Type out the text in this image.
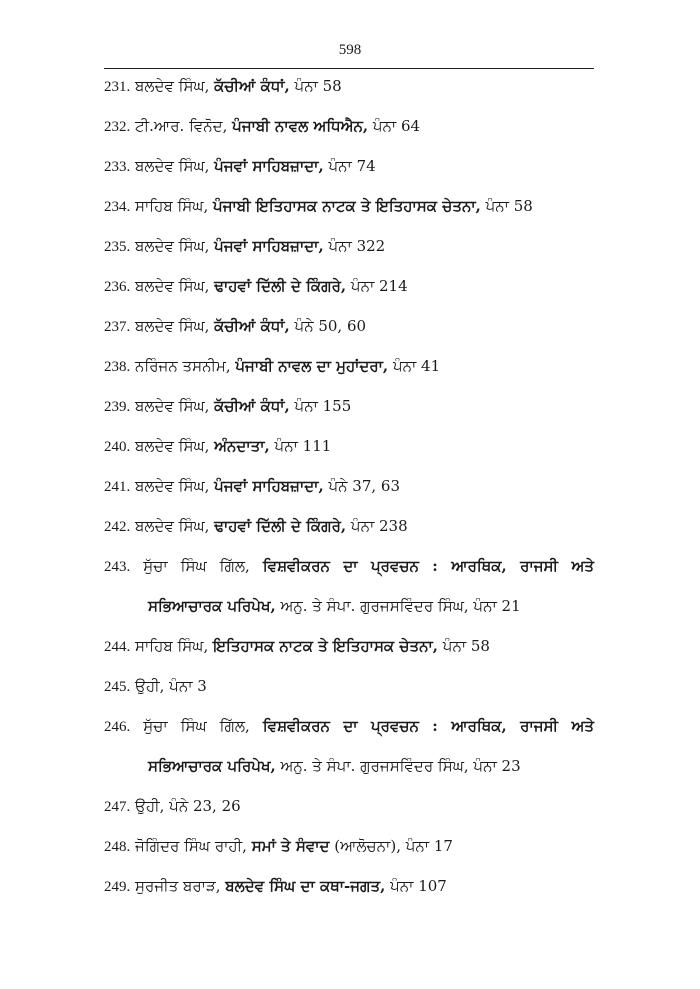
598
231. ਬਲਦੇਵ ਸਿੰਘ, ਕੱਚੀਆਂ ਕੰਧਾਂ, ਪੰਨਾ 58
232. ਟੀ.ਆਰ. ਵਿਨੋਦ, ਪੰਜਾਬੀ ਨਾਵਲ ਅਧਿਐਨ, ਪੰਨਾ 64
233. ਬਲਦੇਵ ਸਿੰਘ, ਪੰਜਵਾਂ ਸਾਹਿਬਜ਼ਾਦਾ, ਪੰਨਾ 74
234. ਸਾਹਿਬ ਸਿੰਘ, ਪੰਜਾਬੀ ਇਤਿਹਾਸਕ ਨਾਟਕ ਤੇ ਇਤਿਹਾਸਕ ਚੇਤਨਾ, ਪੰਨਾ 58
235. ਬਲਦੇਵ ਸਿੰਘ, ਪੰਜਵਾਂ ਸਾਹਿਬਜ਼ਾਦਾ, ਪੰਨਾ 322
236. ਬਲਦੇਵ ਸਿੰਘ, ਢਾਹਵਾਂ ਦਿੱਲੀ ਦੇ ਕਿੰਗਰੇ, ਪੰਨਾ 214
237. ਬਲਦੇਵ ਸਿੰਘ, ਕੱਚੀਆਂ ਕੰਧਾਂ, ਪੰਨੇ 50, 60
238. ਨਰਿੰਜਨ ਤਸਨੀਮ, ਪੰਜਾਬੀ ਨਾਵਲ ਦਾ ਮੁਹਾਂਦਰਾ, ਪੰਨਾ 41
239. ਬਲਦੇਵ ਸਿੰਘ, ਕੱਚੀਆਂ ਕੰਧਾਂ, ਪੰਨਾ 155
240. ਬਲਦੇਵ ਸਿੰਘ, ਅੰਨਦਾਤਾ, ਪੰਨਾ 111
241. ਬਲਦੇਵ ਸਿੰਘ, ਪੰਜਵਾਂ ਸਾਹਿਬਜ਼ਾਦਾ, ਪੰਨੇ 37, 63
242. ਬਲਦੇਵ ਸਿੰਘ, ਢਾਹਵਾਂ ਦਿੱਲੀ ਦੇ ਕਿੰਗਰੇ, ਪੰਨਾ 238
243. ਸੁੱਚਾ ਸਿੰਘ ਗਿੱਲ, ਵਿਸ਼ਵੀਕਰਨ ਦਾ ਪ੍ਰਵਚਨ : ਆਰਥਿਕ, ਰਾਜਸੀ ਅਤੇ
ਸਭਿਆਚਾਰਕ ਪਰਿਪੇਖ, ਅਨੁ. ਤੇ ਸੰਪਾ. ਗੁਰਜਸਵਿੰਦਰ ਸਿੰਘ, ਪੰਨਾ 21
244. ਸਾਹਿਬ ਸਿੰਘ, ਇਤਿਹਾਸਕ ਨਾਟਕ ਤੇ ਇਤਿਹਾਸਕ ਚੇਤਨਾ, ਪੰਨਾ 58
245. ਉਹੀ, ਪੰਨਾ 3
246. ਸੁੱਚਾ ਸਿੰਘ ਗਿੱਲ, ਵਿਸ਼ਵੀਕਰਨ ਦਾ ਪ੍ਰਵਚਨ : ਆਰਥਿਕ, ਰਾਜਸੀ ਅਤੇ
ਸਭਿਆਚਾਰਕ ਪਰਿਪੇਖ, ਅਨੁ. ਤੇ ਸੰਪਾ. ਗੁਰਜਸਵਿੰਦਰ ਸਿੰਘ, ਪੰਨਾ 23
247. ਉਹੀ, ਪੰਨੇ 23, 26
248. ਜੋਗਿੰਦਰ ਸਿੰਘ ਰਾਹੀ, ਸਮਾਂ ਤੇ ਸੰਵਾਦ (ਆਲੋਚਨਾ), ਪੰਨਾ 17
249. ਸੁਰਜੀਤ ਬਰਾੜ, ਬਲਦੇਵ ਸਿੰਘ ਦਾ ਕਥਾ-ਜਗਤ, ਪੰਨਾ 107
